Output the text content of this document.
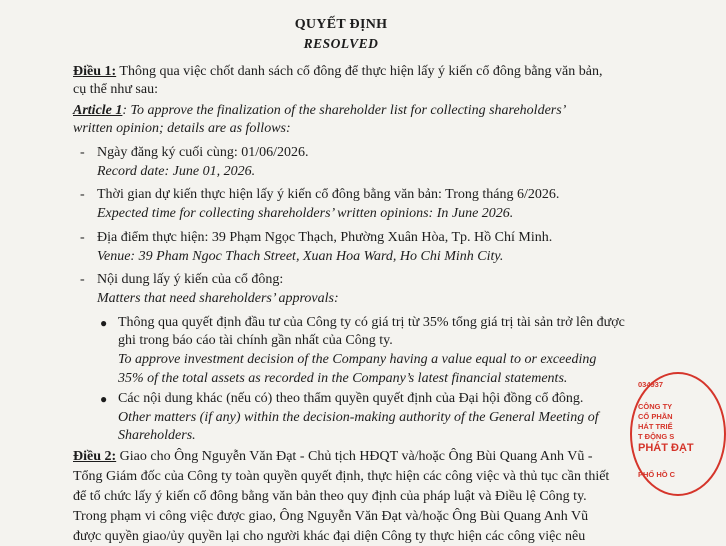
QUYẾT ĐỊNH
RESOLVED
Điều 1: Thông qua việc chốt danh sách cổ đông để thực hiện lấy ý kiến cổ đông bằng văn bản,
cụ thể như sau:
Article 1: To approve the finalization of the shareholder list for collecting shareholders’
written opinion; details are as follows:
- Ngày đăng ký cuối cùng: 01/06/2026.
Record date: June 01, 2026.
- Thời gian dự kiến thực hiện lấy ý kiến cổ đông bằng văn bản: Trong tháng 6/2026.
Expected time for collecting shareholders’ written opinions: In June 2026.
- Địa điểm thực hiện: 39 Phạm Ngọc Thạch, Phường Xuân Hòa, Tp. Hồ Chí Minh.
Venue: 39 Pham Ngoc Thach Street, Xuan Hoa Ward, Ho Chi Minh City.
- Nội dung lấy ý kiến của cổ đông:
Matters that need shareholders’ approvals:
● Thông qua quyết định đầu tư của Công ty có giá trị từ 35% tổng giá trị tài sản trở lên được
ghi trong báo cáo tài chính gần nhất của Công ty.
To approve investment decision of the Company having a value equal to or exceeding
35% of the total assets as recorded in the Company’s latest financial statements.
● Các nội dung khác (nếu có) theo thẩm quyền quyết định của Đại hội đồng cổ đông.
Other matters (if any) within the decision-making authority of the General Meeting of
Shareholders.
Điều 2: Giao cho Ông Nguyễn Văn Đạt - Chủ tịch HĐQT và/hoặc Ông Bùi Quang Anh Vũ -
Tổng Giám đốc của Công ty toàn quyền quyết định, thực hiện các công việc và thủ tục cần thiết
để tổ chức lấy ý kiến cổ đông bằng văn bản theo quy định của pháp luật và Điều lệ Công ty.
Trong phạm vi công việc được giao, Ông Nguyễn Văn Đạt và/hoặc Ông Bùi Quang Anh Vũ
được quyền giao/ủy quyền lại cho người khác đại diện Công ty thực hiện các công việc nêu
034937
CÔNG TY
CỔ PHẦN
HÁT TRIỂ
T ĐỘNG S
PHÁT ĐẠT
PHỐ HỒ C
